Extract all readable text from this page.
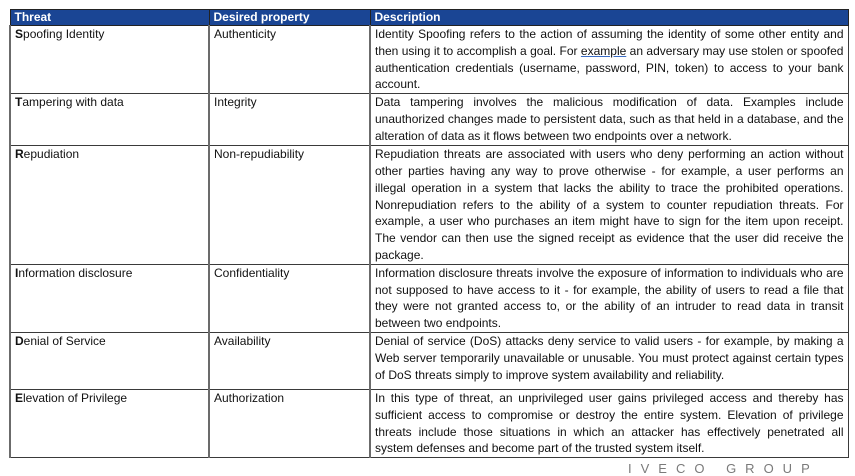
Threat	Desired property	Description
Spoofing Identity	Authenticity	Identity Spoofing refers to the action of assuming the identity of some other entity and then using it to accomplish a goal. For example an adversary may use stolen or spoofed authentication credentials (username, password, PIN, token) to access to your bank account.
Tampering with data	Integrity	Data tampering involves the malicious modification of data. Examples include unauthorized changes made to persistent data, such as that held in a database, and the alteration of data as it flows between two endpoints over a network.
Repudiation	Non-repudiability	Repudiation threats are associated with users who deny performing an action without other parties having any way to prove otherwise - for example, a user performs an illegal operation in a system that lacks the ability to trace the prohibited operations. Nonrepudiation refers to the ability of a system to counter repudiation threats. For example, a user who purchases an item might have to sign for the item upon receipt. The vendor can then use the signed receipt as evidence that the user did receive the package.
Information disclosure	Confidentiality	Information disclosure threats involve the exposure of information to individuals who are not supposed to have access to it - for example, the ability of users to read a file that they were not granted access to, or the ability of an intruder to read data in transit between two endpoints.
Denial of Service	Availability	Denial of service (DoS) attacks deny service to valid users - for example, by making a Web server temporarily unavailable or unusable. You must protect against certain types of DoS threats simply to improve system availability and reliability.
Elevation of Privilege	Authorization	In this type of threat, an unprivileged user gains privileged access and thereby has sufficient access to compromise or destroy the entire system. Elevation of privilege threats include those situations in which an attacker has effectively penetrated all system defenses and become part of the trusted system itself.
IVECO GROUP
